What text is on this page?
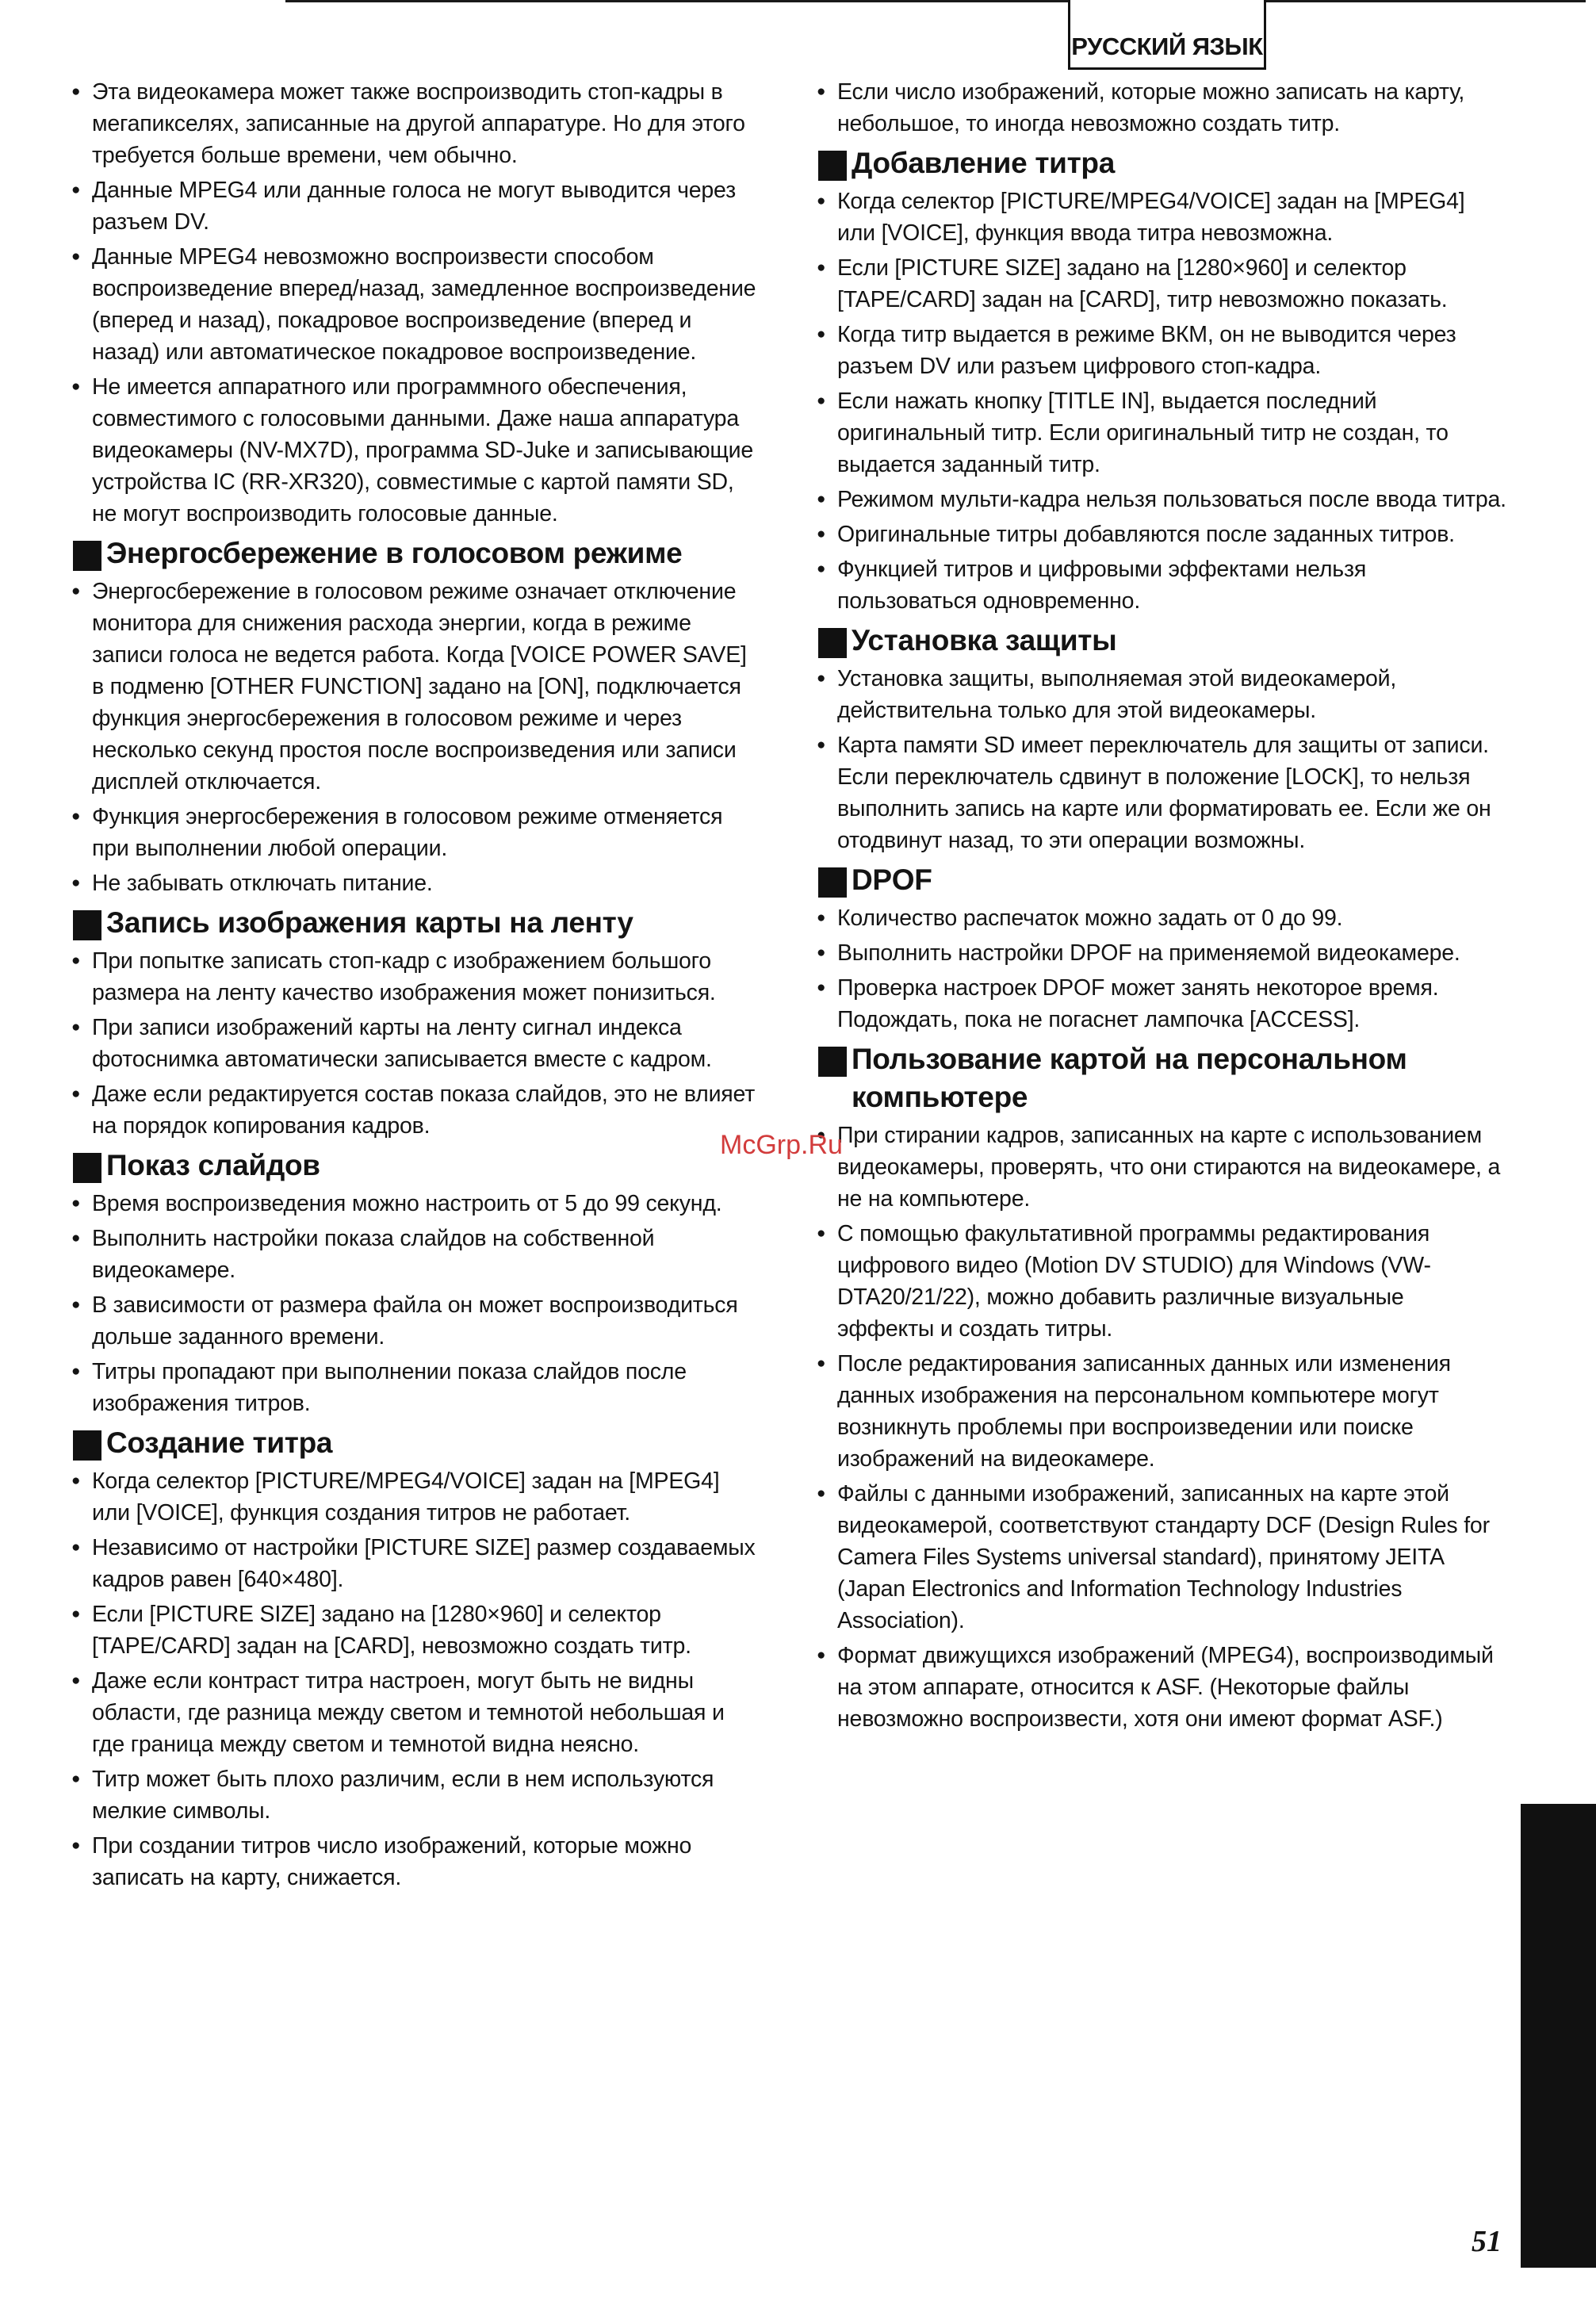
РУССКИЙ ЯЗЫК
● Эта видеокамера может также воспроизводить стоп-кадры в мегапикселях, записанные на другой аппаратуре. Но для этого требуется больше времени, чем обычно.
● Данные MPEG4 или данные голоса не могут выводится через разъем DV.
● Данные MPEG4 невозможно воспроизвести способом воспроизведение вперед/назад, замедленное воспроизведение (вперед и назад), покадровое воспроизведение (вперед и назад) или автоматическое покадровое воспроизведение.
● Не имеется аппаратного или программного обеспечения, совместимого с голосовыми данными. Даже наша аппаратура видеокамеры (NV-MX7D), программа SD-Juke и записывающие устройства IC (RR-XR320), совместимые с картой памяти SD, не могут воспроизводить голосовые данные.
Энергосбережение в голосовом режиме
● Энергосбережение в голосовом режиме означает отключение монитора для снижения расхода энергии, когда в режиме записи голоса не ведется работа. Когда [VOICE POWER SAVE] в подменю [OTHER FUNCTION] задано на [ON], подключается функция энергосбережения в голосовом режиме и через несколько секунд простоя после воспроизведения или записи дисплей отключается.
● Функция энергосбережения в голосовом режиме отменяется при выполнении любой операции.
● Не забывать отключать питание.
Запись изображения карты на ленту
● При попытке записать стоп-кадр с изображением большого размера на ленту качество изображения может понизиться.
● При записи изображений карты на ленту сигнал индекса фотоснимка автоматически записывается вместе с кадром.
● Даже если редактируется состав показа слайдов, это не влияет на порядок копирования кадров.
Показ слайдов
● Время воспроизведения можно настроить от 5 до 99 секунд.
● Выполнить настройки показа слайдов на собственной видеокамере.
● В зависимости от размера файла он может воспроизводиться дольше заданного времени.
● Титры пропадают при выполнении показа слайдов после изображения титров.
Создание титра
● Когда селектор [PICTURE/MPEG4/VOICE] задан на [MPEG4] или [VOICE], функция создания титров не работает.
● Независимо от настройки [PICTURE SIZE] размер создаваемых кадров равен [640×480].
● Если [PICTURE SIZE] задано на [1280×960] и селектор [TAPE/CARD] задан на [CARD], невозможно создать титр.
● Даже если контраст титра настроен, могут быть не видны области, где разница между светом и темнотой небольшая и где граница между светом и темнотой видна неясно.
● Титр может быть плохо различим, если в нем используются мелкие символы.
● При создании титров число изображений, которые можно записать на карту, снижается.
● Если число изображений, которые можно записать на карту, небольшое, то иногда невозможно создать титр.
Добавление титра
● Когда селектор [PICTURE/MPEG4/VOICE] задан на [MPEG4] или [VOICE], функция ввода титра невозможна.
● Если [PICTURE SIZE] задано на [1280×960] и селектор [TAPE/CARD] задан на [CARD], титр невозможно показать.
● Когда титр выдается в режиме ВКМ, он не выводится через разъем DV или разъем цифрового стоп-кадра.
● Если нажать кнопку [TITLE IN], выдается последний оригинальный титр. Если оригинальный титр не создан, то выдается заданный титр.
● Режимом мульти-кадра нельзя пользоваться после ввода титра.
● Оригинальные титры добавляются после заданных титров.
● Функцией титров и цифровыми эффектами нельзя пользоваться одновременно.
Установка защиты
● Установка защиты, выполняемая этой видеокамерой, действительна только для этой видеокамеры.
● Карта памяти SD имеет переключатель для защиты от записи. Если переключатель сдвинут в положение [LOCK], то нельзя выполнить запись на карте или форматировать ее. Если же он отодвинут назад, то эти операции возможны.
DPOF
● Количество распечаток можно задать от 0 до 99.
● Выполнить настройки DPOF на применяемой видеокамере.
● Проверка настроек DPOF может занять некоторое время. Подождать, пока не погаснет лампочка [ACCESS].
Пользование картой на персональном компьютере
● При стирании кадров, записанных на карте с использованием видеокамеры, проверять, что они стираются на видеокамере, а не на компьютере.
● С помощью факультативной программы редактирования цифрового видео (Motion DV STUDIO) для Windows (VW-DTA20/21/22), можно добавить различные визуальные эффекты и создать титры.
● После редактирования записанных данных или изменения данных изображения на персональном компьютере могут возникнуть проблемы при воспроизведении или поиске изображений на видеокамере.
● Файлы с данными изображений, записанных на карте этой видеокамерой, соответствуют стандарту DCF (Design Rules for Camera Files Systems universal standard), принятому JEITA (Japan Electronics and Information Technology Industries Association).
● Формат движущихся изображений (MPEG4), воспроизводимый на этом аппарате, относится к ASF. (Некоторые файлы невозможно воспроизвести, хотя они имеют формат ASF.)
McGrp.Ru
51
